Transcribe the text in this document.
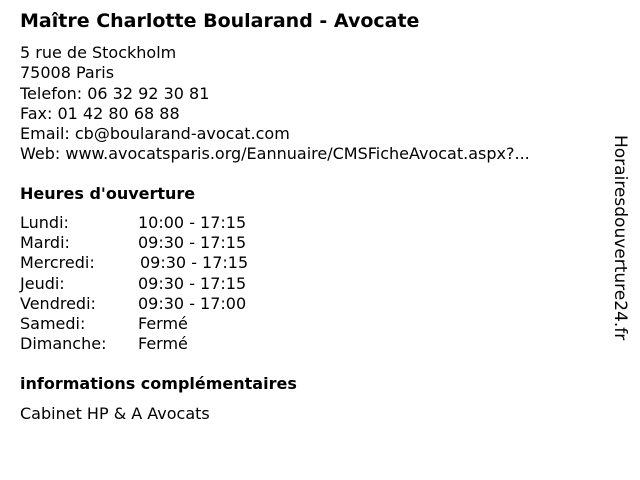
Maître Charlotte Boularand - Avocate
5 rue de Stockholm
75008 Paris
Telefon: 06 32 92 30 81
Fax: 01 42 80 68 88
Email: cb@boularand-avocat.com
Web: www.avocatsparis.org/Eannuaire/CMSFicheAvocat.aspx?...
Heures d'ouverture
Lundi:	10:00 - 17:15
Mardi:	09:30 - 17:15
Mercredi:	09:30 - 17:15
Jeudi:	09:30 - 17:15
Vendredi:	09:30 - 17:00
Samedi:	Fermé
Dimanche: Fermé
informations complémentaires
Cabinet HP & A Avocats
Horairesdouverture24.fr
